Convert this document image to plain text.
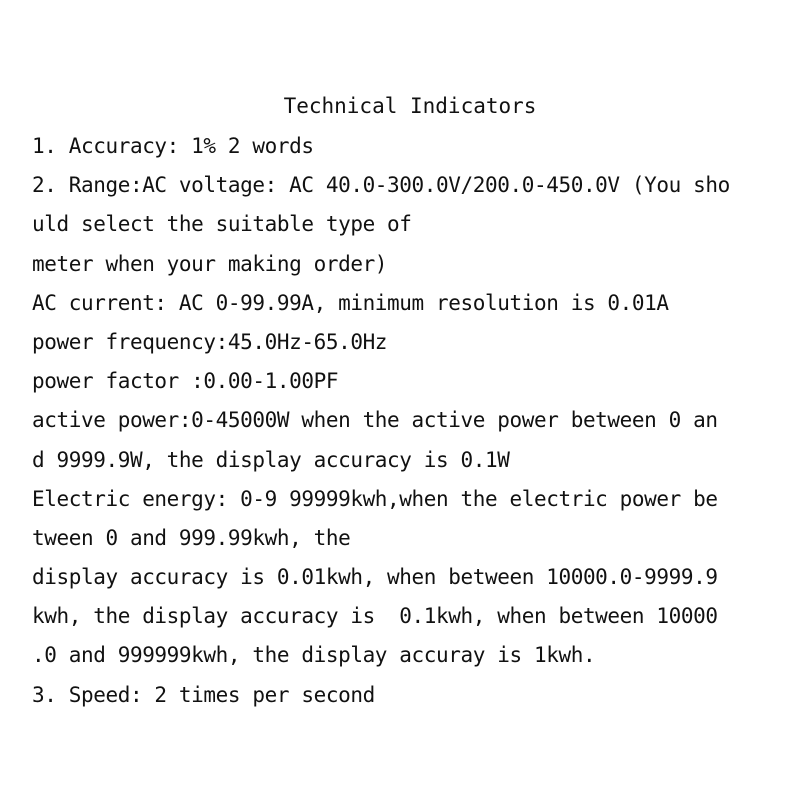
Technical Indicators
1. Accuracy: 1% 2 words
2. Range:AC voltage: AC 40.0-300.0V/200.0-450.0V (You sho
uld select the suitable type of
meter when your making order)
AC current: AC 0-99.99A, minimum resolution is 0.01A
power frequency:45.0Hz-65.0Hz
power factor :0.00-1.00PF
active power:0-45000W when the active power between 0 an
d 9999.9W, the display accuracy is 0.1W
Electric energy: 0-9 99999kwh,when the electric power be
tween 0 and 999.99kwh, the
display accuracy is 0.01kwh, when between 10000.0-9999.9
kwh, the display accuracy is  0.1kwh, when between 10000
.0 and 999999kwh, the display accuray is 1kwh.
3. Speed: 2 times per second
